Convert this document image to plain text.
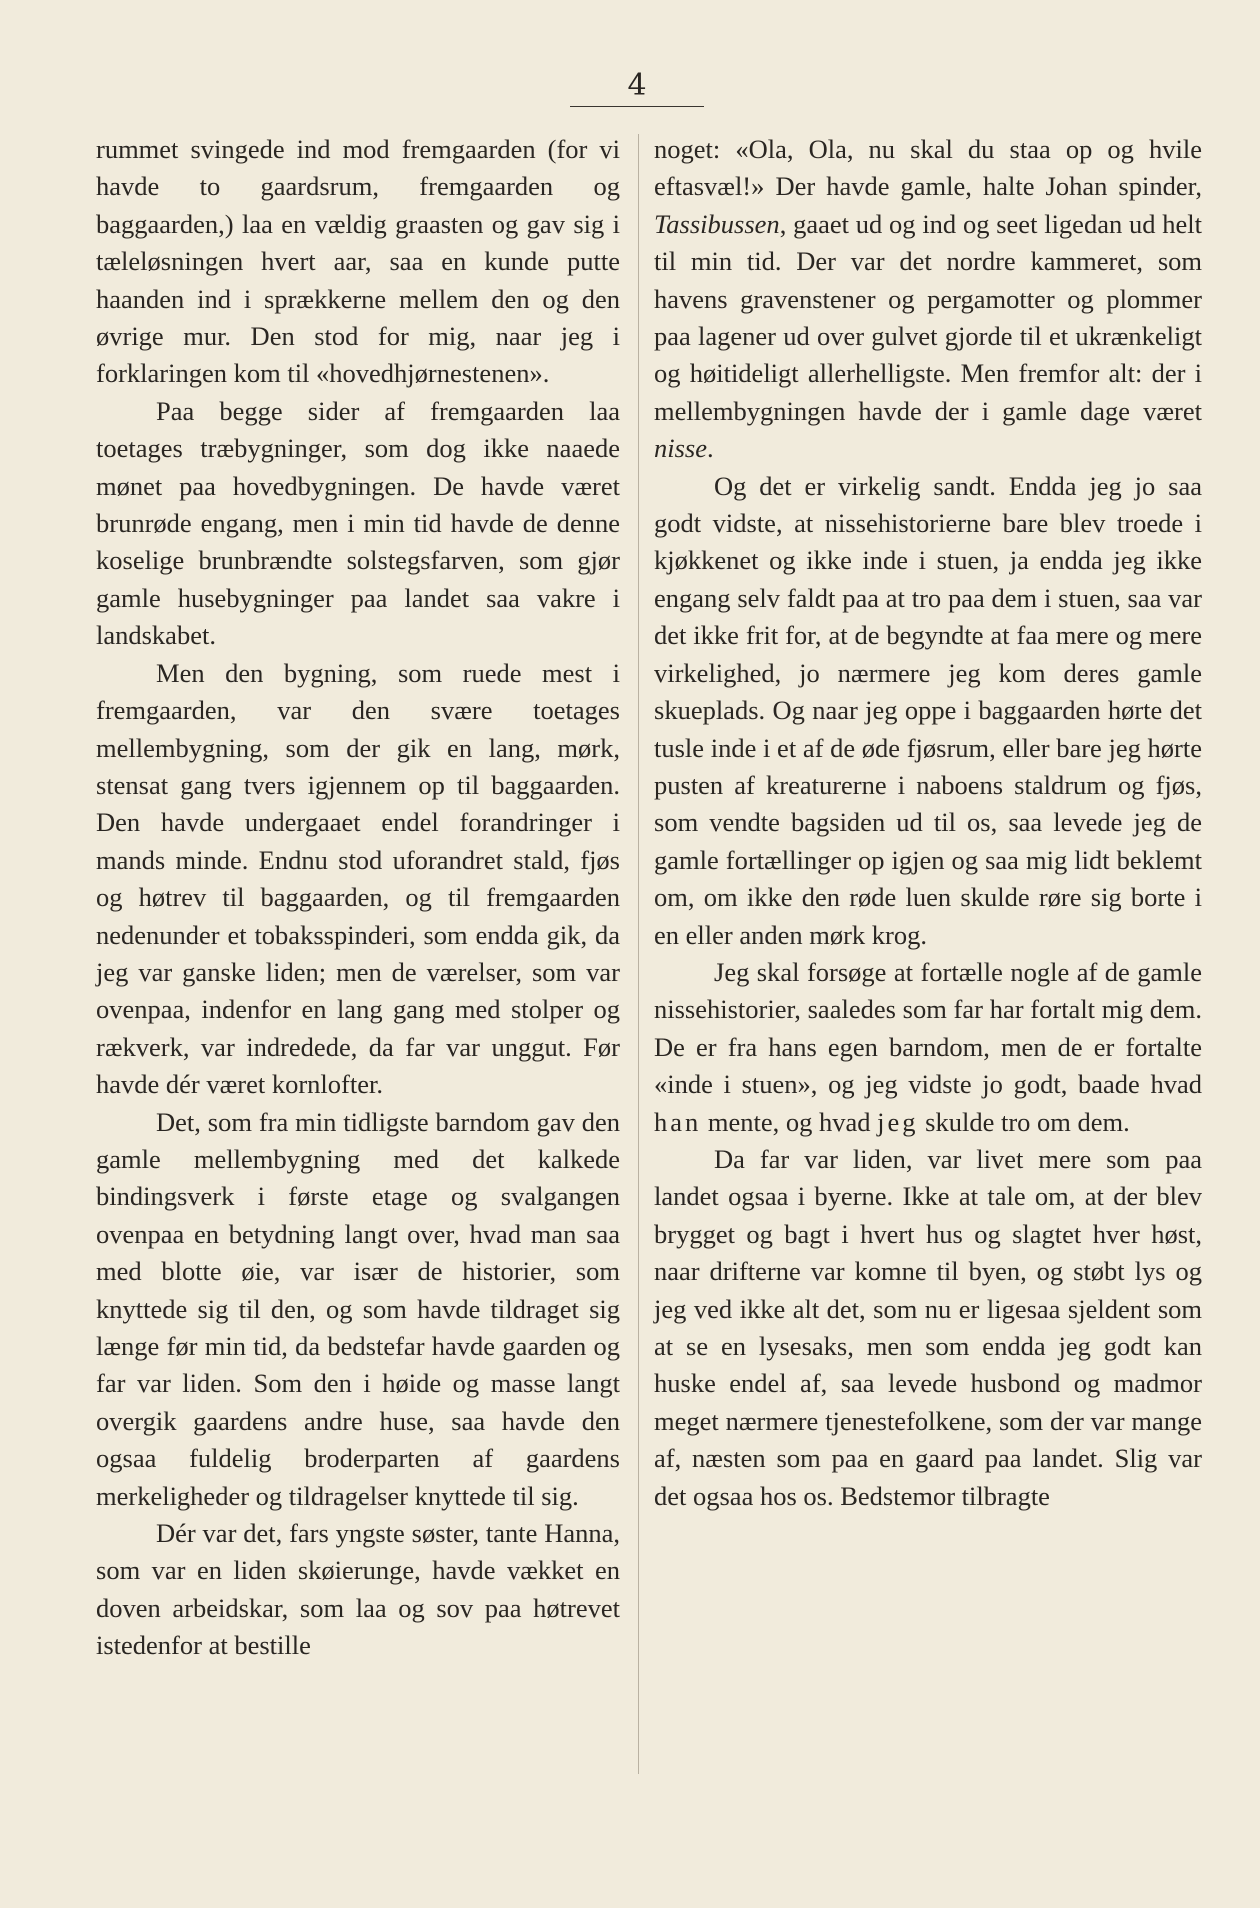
4

rummet svingede ind mod fremgaarden (for vi havde to gaardsrum, fremgaarden og baggaarden,) laa en vældig graasten og gav sig i tæleløsningen hvert aar, saa en kunde putte haanden ind i sprækkerne mellem den og den øvrige mur. Den stod for mig, naar jeg i forklaringen kom til «hovedhjørnestenen».

Paa begge sider af fremgaarden laa toetages træbygninger, som dog ikke naaede mønet paa hovedbygningen. De havde været brunrøde engang, men i min tid havde de denne koselige brunbrændte solstegsfarven, som gjør gamle husebygninger paa landet saa vakre i landskabet.

Men den bygning, som ruede mest i fremgaarden, var den svære toetages mellembygning, som der gik en lang, mørk, stensat gang tvers igjennem op til baggaarden. Den havde undergaaet endel forandringer i mands minde. Endnu stod uforandret stald, fjøs og høtrev til baggaarden, og til fremgaarden nedenunder et tobaksspinderi, som endda gik, da jeg var ganske liden; men de værelser, som var ovenpaa, indenfor en lang gang med stolper og rækverk, var indredede, da far var unggut. Før havde dér været kornlofter.

Det, som fra min tidligste barndom gav den gamle mellembygning med det kalkede bindingsverk i første etage og svalgangen ovenpaa en betydning langt over, hvad man saa med blotte øie, var især de historier, som knyttede sig til den, og som havde tildraget sig længe før min tid, da bedstefar havde gaarden og far var liden. Som den i høide og masse langt overgik gaardens andre huse, saa havde den ogsaa fuldelig broderparten af gaardens merkeligheder og tildragelser knyttede til sig.

Dér var det, fars yngste søster, tante Hanna, som var en liden skøierunge, havde vækket en doven arbeidskar, som laa og sov paa høtrevet istedenfor at bestille

noget: «Ola, Ola, nu skal du staa op og hvile eftasvæl!» Der havde gamle, halte Johan spinder, Tassibussen, gaaet ud og ind og seet ligedan ud helt til min tid. Der var det nordre kammeret, som havens gravenstener og pergamotter og plommer paa lagener ud over gulvet gjorde til et ukrænkeligt og høitideligt allerhelligste. Men fremfor alt: der i mellembygningen havde der i gamle dage været nisse.

Og det er virkelig sandt. Endda jeg jo saa godt vidste, at nissehistorierne bare blev troede i kjøkkenet og ikke inde i stuen, ja endda jeg ikke engang selv faldt paa at tro paa dem i stuen, saa var det ikke frit for, at de begyndte at faa mere og mere virkelighed, jo nærmere jeg kom deres gamle skueplads. Og naar jeg oppe i baggaarden hørte det tusle inde i et af de øde fjøsrum, eller bare jeg hørte pusten af kreaturerne i naboens staldrum og fjøs, som vendte bagsiden ud til os, saa levede jeg de gamle fortællinger op igjen og saa mig lidt beklemt om, om ikke den røde luen skulde røre sig borte i en eller anden mørk krog.

Jeg skal forsøge at fortælle nogle af de gamle nissehistorier, saaledes som far har fortalt mig dem. De er fra hans egen barndom, men de er fortalte «inde i stuen», og jeg vidste jo godt, baade hvad han mente, og hvad jeg skulde tro om dem.

Da far var liden, var livet mere som paa landet ogsaa i byerne. Ikke at tale om, at der blev brygget og bagt i hvert hus og slagtet hver høst, naar drifterne var komne til byen, og støbt lys og jeg ved ikke alt det, som nu er ligesaa sjeldent som at se en lysesaks, men som endda jeg godt kan huske endel af, saa levede husbond og madmor meget nærmere tjenestefolkene, som der var mange af, næsten som paa en gaard paa landet. Slig var det ogsaa hos os. Bedstemor tilbragte
